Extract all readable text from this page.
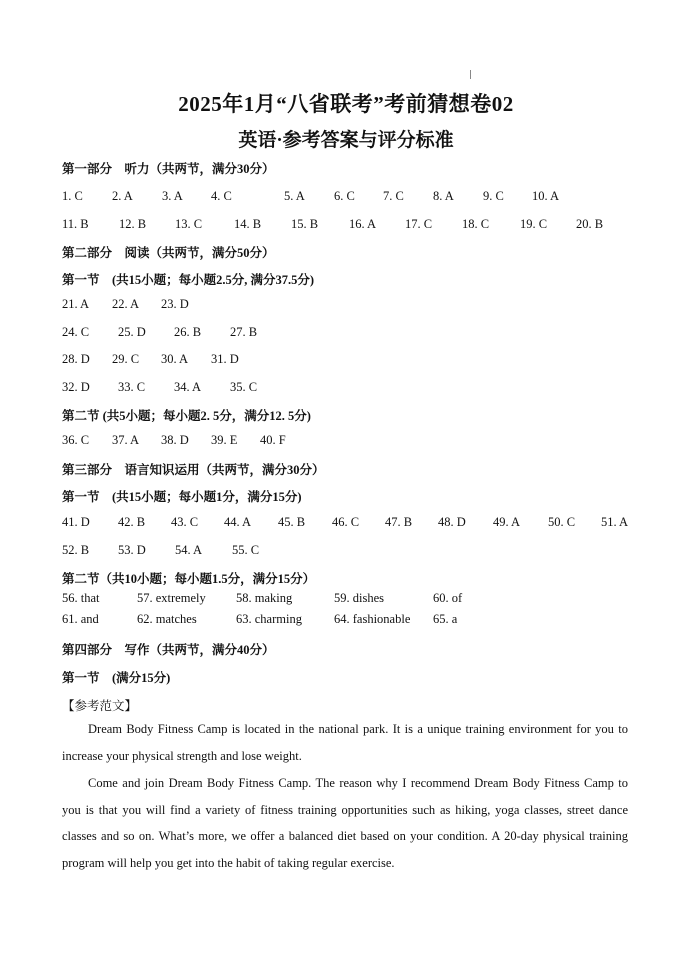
2025年1月“八省联考”考前猜想卷02
英语·参考答案与评分标准
第一部分　听力（共两节，满分30分）
1. C 2. A 3. A 4. C	5. A 6. C 7. C 8. A 9. C 10. A
11. B 12. B 13. C	14. B 15. B 16. A 17. C 18. C 19. C 20. B
第二部分　阅读（共两节，满分50分）
第一节　(共15小题；每小题2.5分, 满分37.5分)
21. A 22. A 23. D
24. C 25. D 26. B 27. B
28. D 29. C 30. A 31. D
32. D 33. C 34. A 35. C
第二节 (共5小题；每小题2. 5分，满分12. 5分)
36. C 37. A 38. D 39. E 40. F
第三部分　语言知识运用（共两节，满分30分）
第一节　(共15小题；每小题1分，满分15分)
41. D 42. B 43. C 44. A 45. B 46. C 47. B 48. D 49. A 50. C 51. A
52. B 53. D 54. A 55. C
第二节（共10小题；每小题1.5分，满分15分）
56. that	57. extremely 58. making	59. dishes	60. of
61. and	62. matches	63. charming	64. fashionable 65. a
第四部分　写作（共两节，满分40分）
第一节　(满分15分)
【参考范文】

Dream Body Fitness Camp is located in the national park. It is a unique training environment for you to increase your physical strength and lose weight.

Come and join Dream Body Fitness Camp. The reason why I recommend Dream Body Fitness Camp to you is that you will find a variety of fitness training opportunities such as hiking, yoga classes, street dance classes and so on. What’s more, we offer a balanced diet based on your condition. A 20-day physical training program will help you get into the habit of taking regular exercise.
